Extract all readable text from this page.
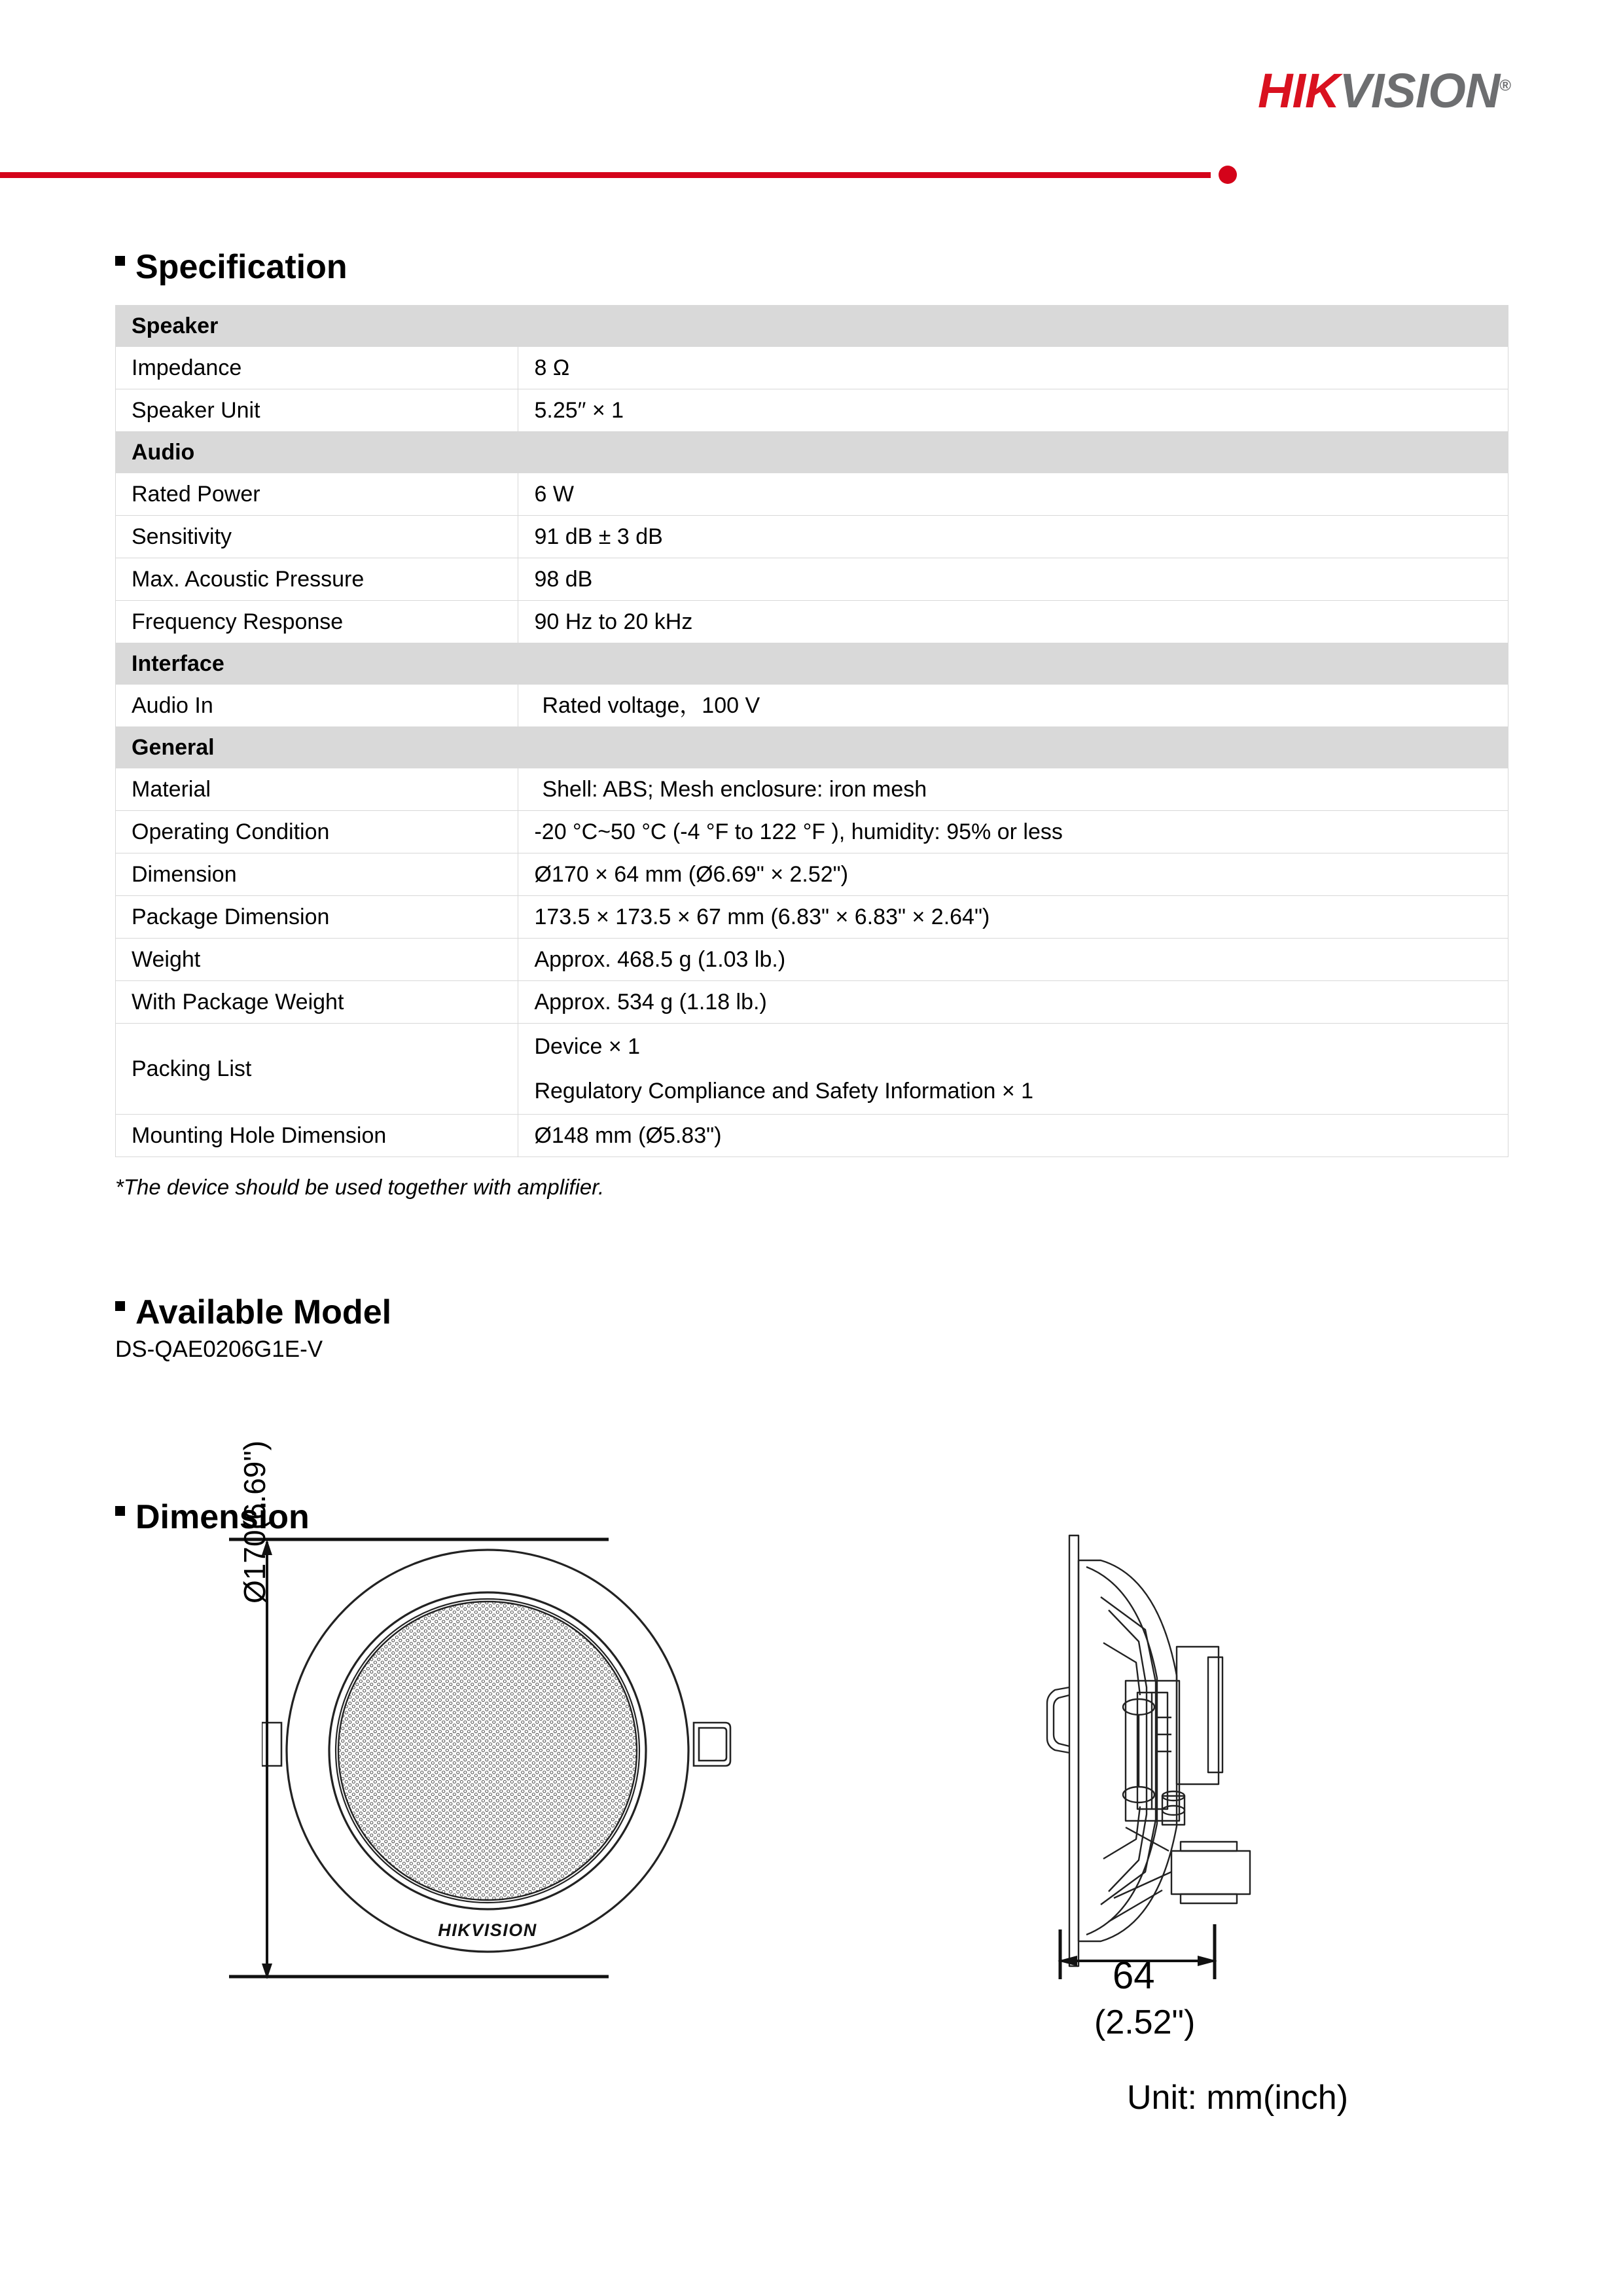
HIKVISION®
Specification
Speaker	
Impedance	8 Ω
Speaker Unit	5.25′′ × 1
Audio	
Rated Power	6 W
Sensitivity	91 dB ± 3 dB
Max. Acoustic Pressure	98 dB
Frequency Response	90 Hz to 20 kHz
Interface	
Audio In	Rated voltage，100 V
General	
Material	Shell: ABS; Mesh enclosure: iron mesh
Operating Condition	-20 °C~50 °C (-4 °F to 122 °F ), humidity: 95% or less
Dimension	Ø170 × 64 mm (Ø6.69" × 2.52")
Package Dimension	173.5 × 173.5 × 67 mm (6.83" × 6.83" × 2.64")
Weight	Approx. 468.5 g (1.03 lb.)
With Package Weight	Approx. 534 g (1.18 lb.)
Packing List	Device × 1
Regulatory Compliance and Safety Information × 1

Mounting Hole Dimension	Ø148 mm (Ø5.83")
*The device should be used together with amplifier.
Available Model
DS-QAE0206G1E-V
Dimension
HIKVISION
Ø170(6.69")
64
(2.52")
Unit: mm(inch)
